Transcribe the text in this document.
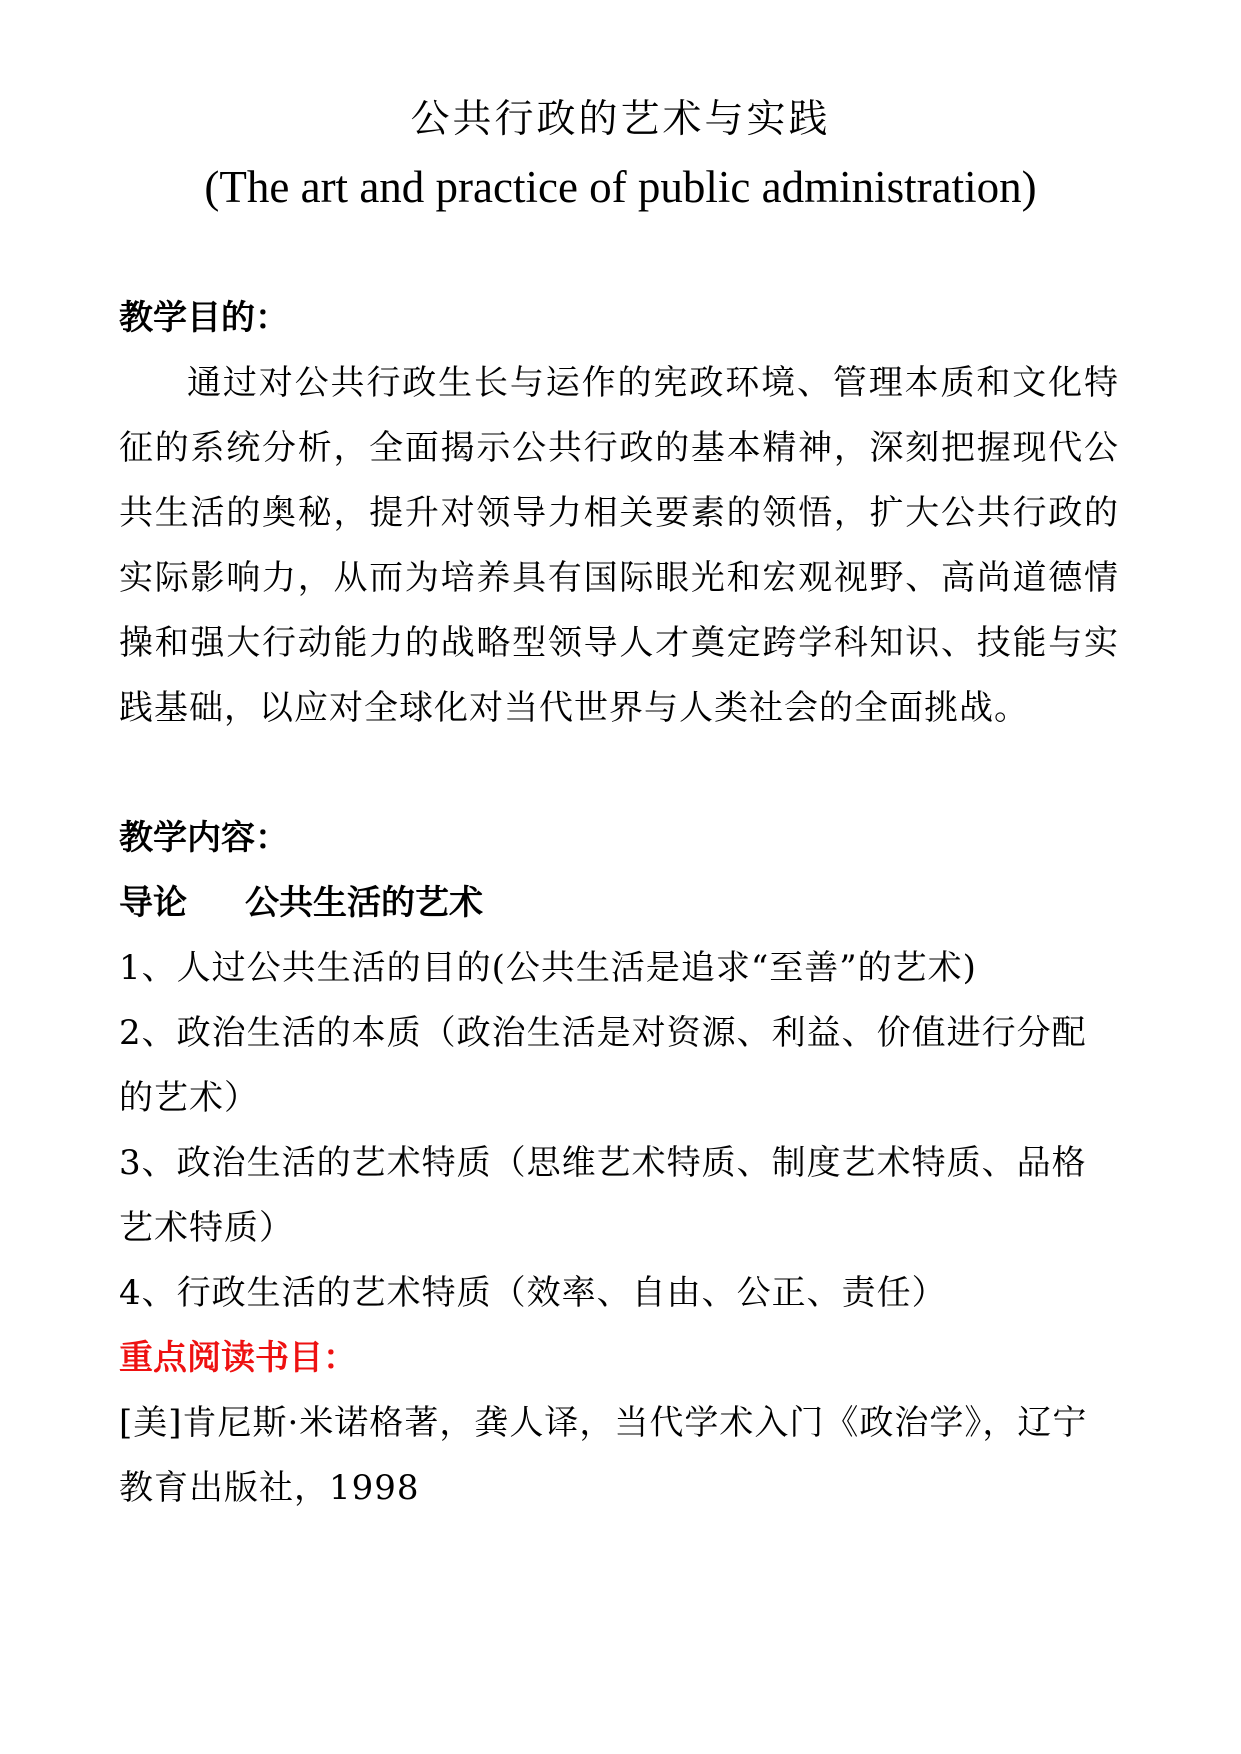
公共行政的艺术与实践
(The art and practice of public administration)

教学目的：

通过对公共行政生长与运作的宪政环境、管理本质和文化特征的系统分析，全面揭示公共行政的基本精神，深刻把握现代公共生活的奥秘，提升对领导力相关要素的领悟，扩大公共行政的实际影响力，从而为培养具有国际眼光和宏观视野、高尚道德情操和强大行动能力的战略型领导人才奠定跨学科知识、技能与实践基础，以应对全球化对当代世界与人类社会的全面挑战。

教学内容：

导论 公共生活的艺术

1、人过公共生活的目的(公共生活是追求“至善”的艺术)

2、政治生活的本质（政治生活是对资源、利益、价值进行分配的艺术）

3、政治生活的艺术特质（思维艺术特质、制度艺术特质、品格艺术特质）

4、行政生活的艺术特质（效率、自由、公正、责任）

重点阅读书目：

[美]肯尼斯·米诺格著，龚人译，当代学术入门《政治学》，辽宁教育出版社，1998
